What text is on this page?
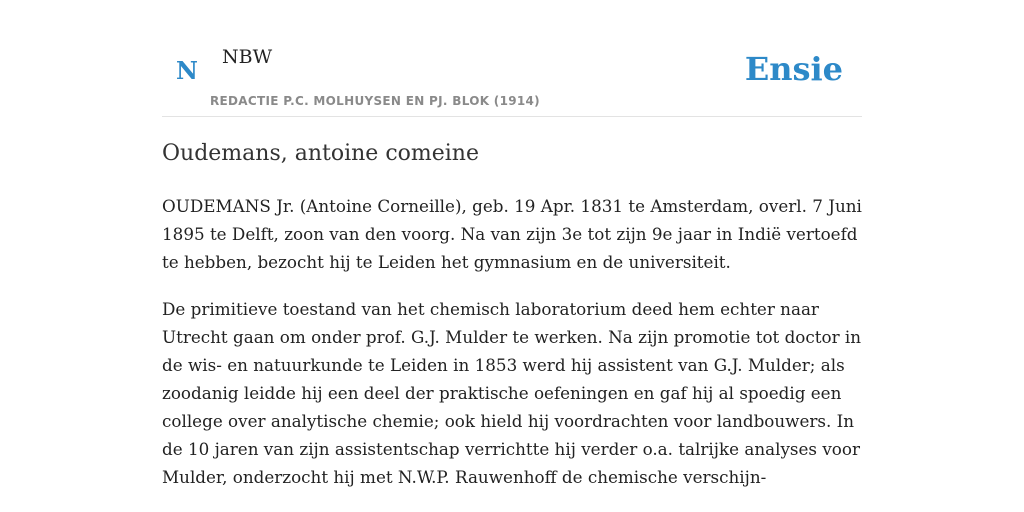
N NBW
REDACTIE P.C. MOLHUYSEN EN PJ. BLOK (1914)
Ensie
Oudemans, antoine comeine

OUDEMANS Jr. (Antoine Corneille), geb. 19 Apr. 1831 te Amsterdam, overl. 7 Juni
1895 te Delft, zoon van den voorg. Na van zijn 3e tot zijn 9e jaar in Indië vertoefd
te hebben, bezocht hij te Leiden het gymnasium en de universiteit.

De primitieve toestand van het chemisch laboratorium deed hem echter naar
Utrecht gaan om onder prof. G.J. Mulder te werken. Na zijn promotie tot doctor in
de wis- en natuurkunde te Leiden in 1853 werd hij assistent van G.J. Mulder; als
zoodanig leidde hij een deel der praktische oefeningen en gaf hij al spoedig een
college over analytische chemie; ook hield hij voordrachten voor landbouwers. In
de 10 jaren van zijn assistentschap verrichtte hij verder o.a. talrijke analyses voor
Mulder, onderzocht hij met N.W.P. Rauwenhoff de chemische verschijn-
